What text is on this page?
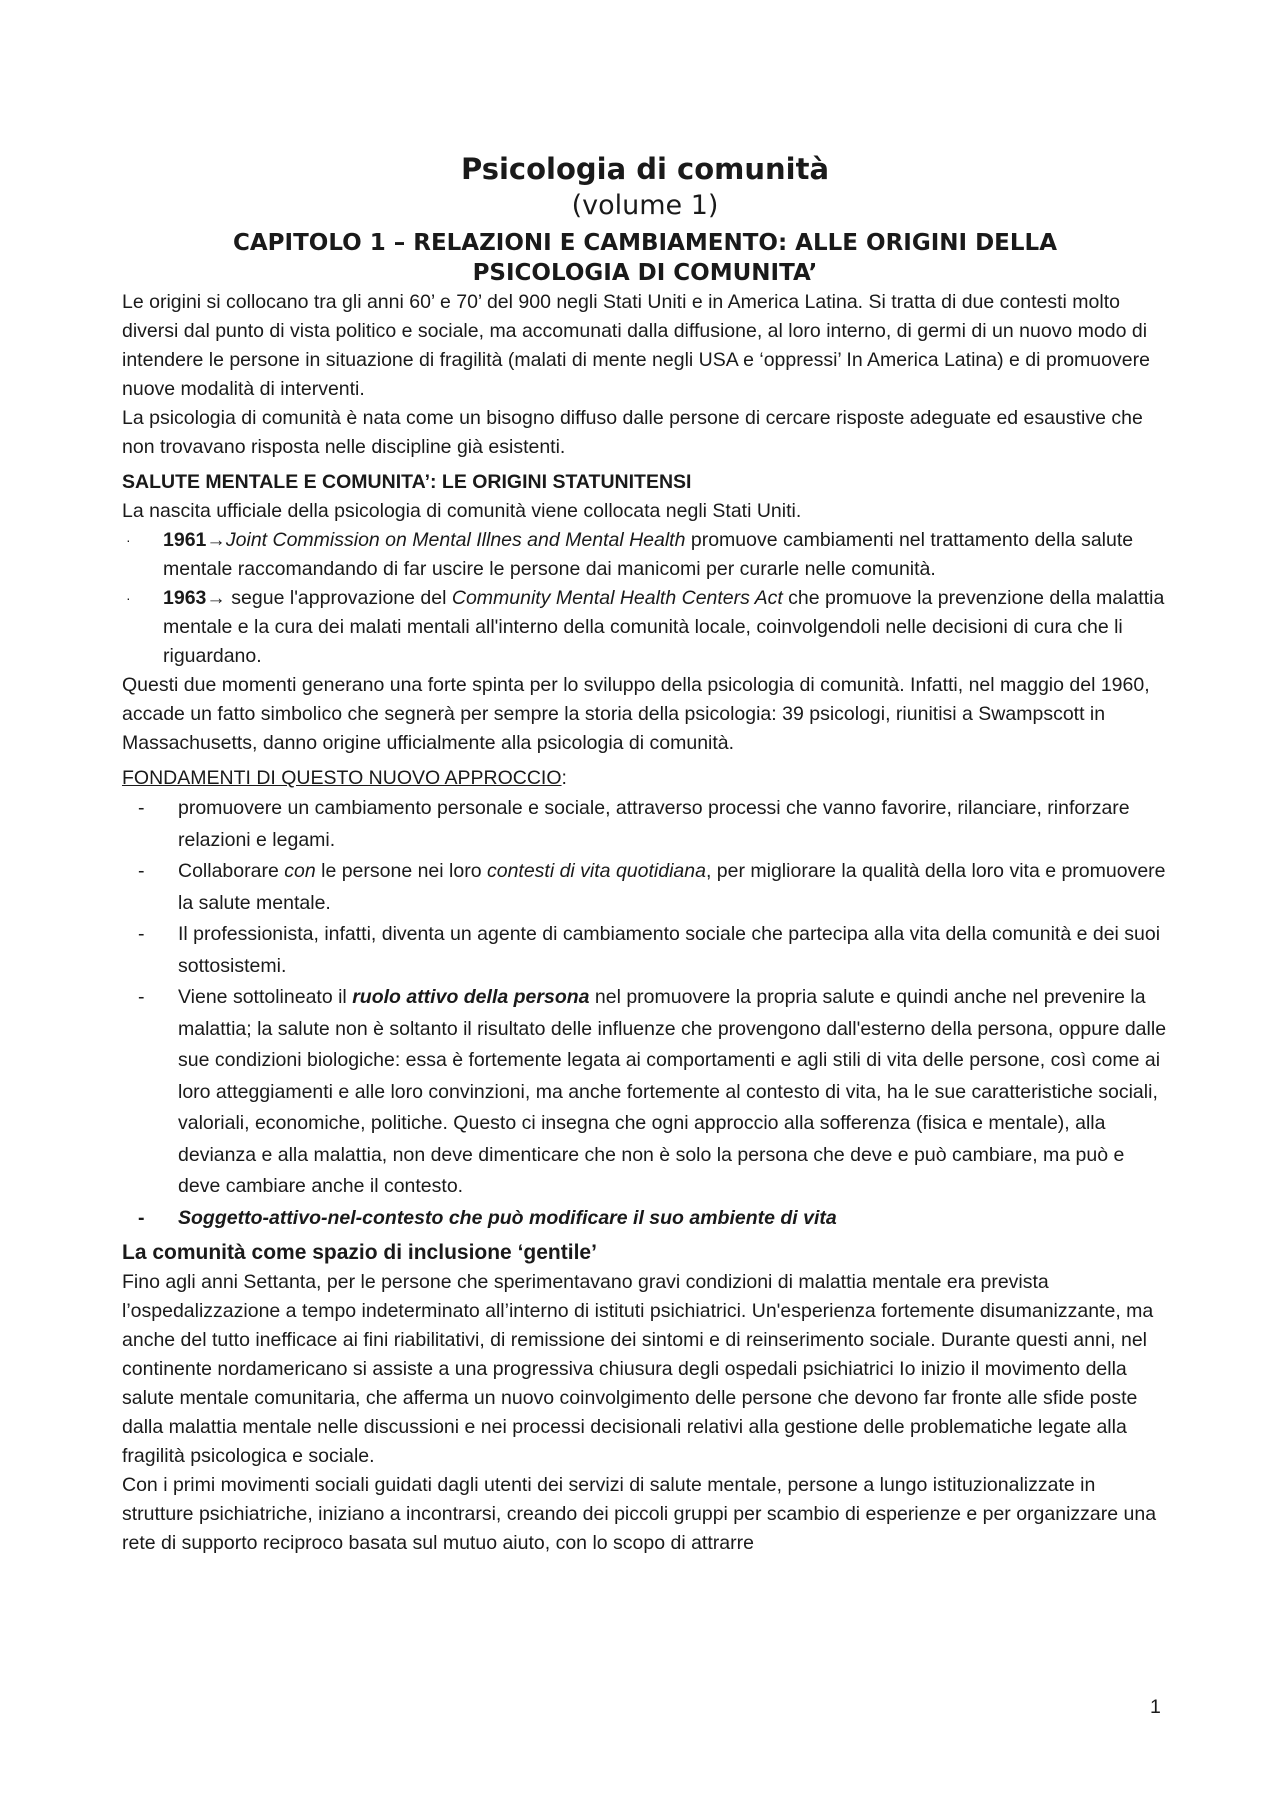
Psicologia di comunità
(volume 1)
CAPITOLO 1 – RELAZIONI E CAMBIAMENTO: ALLE ORIGINI DELLA PSICOLOGIA DI COMUNITA’

Le origini si collocano tra gli anni 60’ e 70’ del 900 negli Stati Uniti e in America Latina. Si tratta di due contesti molto diversi dal punto di vista politico e sociale, ma accomunati dalla diffusione, al loro interno, di germi di un nuovo modo di intendere le persone in situazione di fragilità (malati di mente negli USA e ‘oppressi’ In America Latina) e di promuovere nuove modalità di interventi.

La psicologia di comunità è nata come un bisogno diffuso dalle persone di cercare risposte adeguate ed esaustive che non trovavano risposta nelle discipline già esistenti.

SALUTE MENTALE E COMUNITA’: LE ORIGINI STATUNITENSI

La nascita ufficiale della psicologia di comunità viene collocata negli Stati Uniti.

· 1961→Joint Commission on Mental Illnes and Mental Health promuove cambiamenti nel trattamento della salute mentale raccomandando di far uscire le persone dai manicomi per curarle nelle comunità.
· 1963→ segue l'approvazione del Community Mental Health Centers Act che promuove la prevenzione della malattia mentale e la cura dei malati mentali all'interno della comunità locale, coinvolgendoli nelle decisioni di cura che li riguardano.

Questi due momenti generano una forte spinta per lo sviluppo della psicologia di comunità. Infatti, nel maggio del 1960, accade un fatto simbolico che segnerà per sempre la storia della psicologia: 39 psicologi, riunitisi a Swampscott in Massachusetts, danno origine ufficialmente alla psicologia di comunità.

FONDAMENTI DI QUESTO NUOVO APPROCCIO:

- promuovere un cambiamento personale e sociale, attraverso processi che vanno favorire, rilanciare, rinforzare relazioni e legami.
- Collaborare con le persone nei loro contesti di vita quotidiana, per migliorare la qualità della loro vita e promuovere la salute mentale.
- Il professionista, infatti, diventa un agente di cambiamento sociale che partecipa alla vita della comunità e dei suoi sottosistemi.
- Viene sottolineato il ruolo attivo della persona nel promuovere la propria salute e quindi anche nel prevenire la malattia; la salute non è soltanto il risultato delle influenze che provengono dall'esterno della persona, oppure dalle sue condizioni biologiche: essa è fortemente legata ai comportamenti e agli stili di vita delle persone, così come ai loro atteggiamenti e alle loro convinzioni, ma anche fortemente al contesto di vita, ha le sue caratteristiche sociali, valoriali, economiche, politiche. Questo ci insegna che ogni approccio alla sofferenza (fisica e mentale), alla devianza e alla malattia, non deve dimenticare che non è solo la persona che deve e può cambiare, ma può e deve cambiare anche il contesto.
- Soggetto-attivo-nel-contesto che può modificare il suo ambiente di vita
La comunità come spazio di inclusione ‘gentile’

Fino agli anni Settanta, per le persone che sperimentavano gravi condizioni di malattia mentale era prevista l’ospedalizzazione a tempo indeterminato all’interno di istituti psichiatrici. Un'esperienza fortemente disumanizzante, ma anche del tutto inefficace ai fini riabilitativi, di remissione dei sintomi e di reinserimento sociale. Durante questi anni, nel continente nordamericano si assiste a una progressiva chiusura degli ospedali psichiatrici Io inizio il movimento della salute mentale comunitaria, che afferma un nuovo coinvolgimento delle persone che devono far fronte alle sfide poste dalla malattia mentale nelle discussioni e nei processi decisionali relativi alla gestione delle problematiche legate alla fragilità psicologica e sociale.

Con i primi movimenti sociali guidati dagli utenti dei servizi di salute mentale, persone a lungo istituzionalizzate in strutture psichiatriche, iniziano a incontrarsi, creando dei piccoli gruppi per scambio di esperienze e per organizzare una rete di supporto reciproco basata sul mutuo aiuto, con lo scopo di attrarre

1
